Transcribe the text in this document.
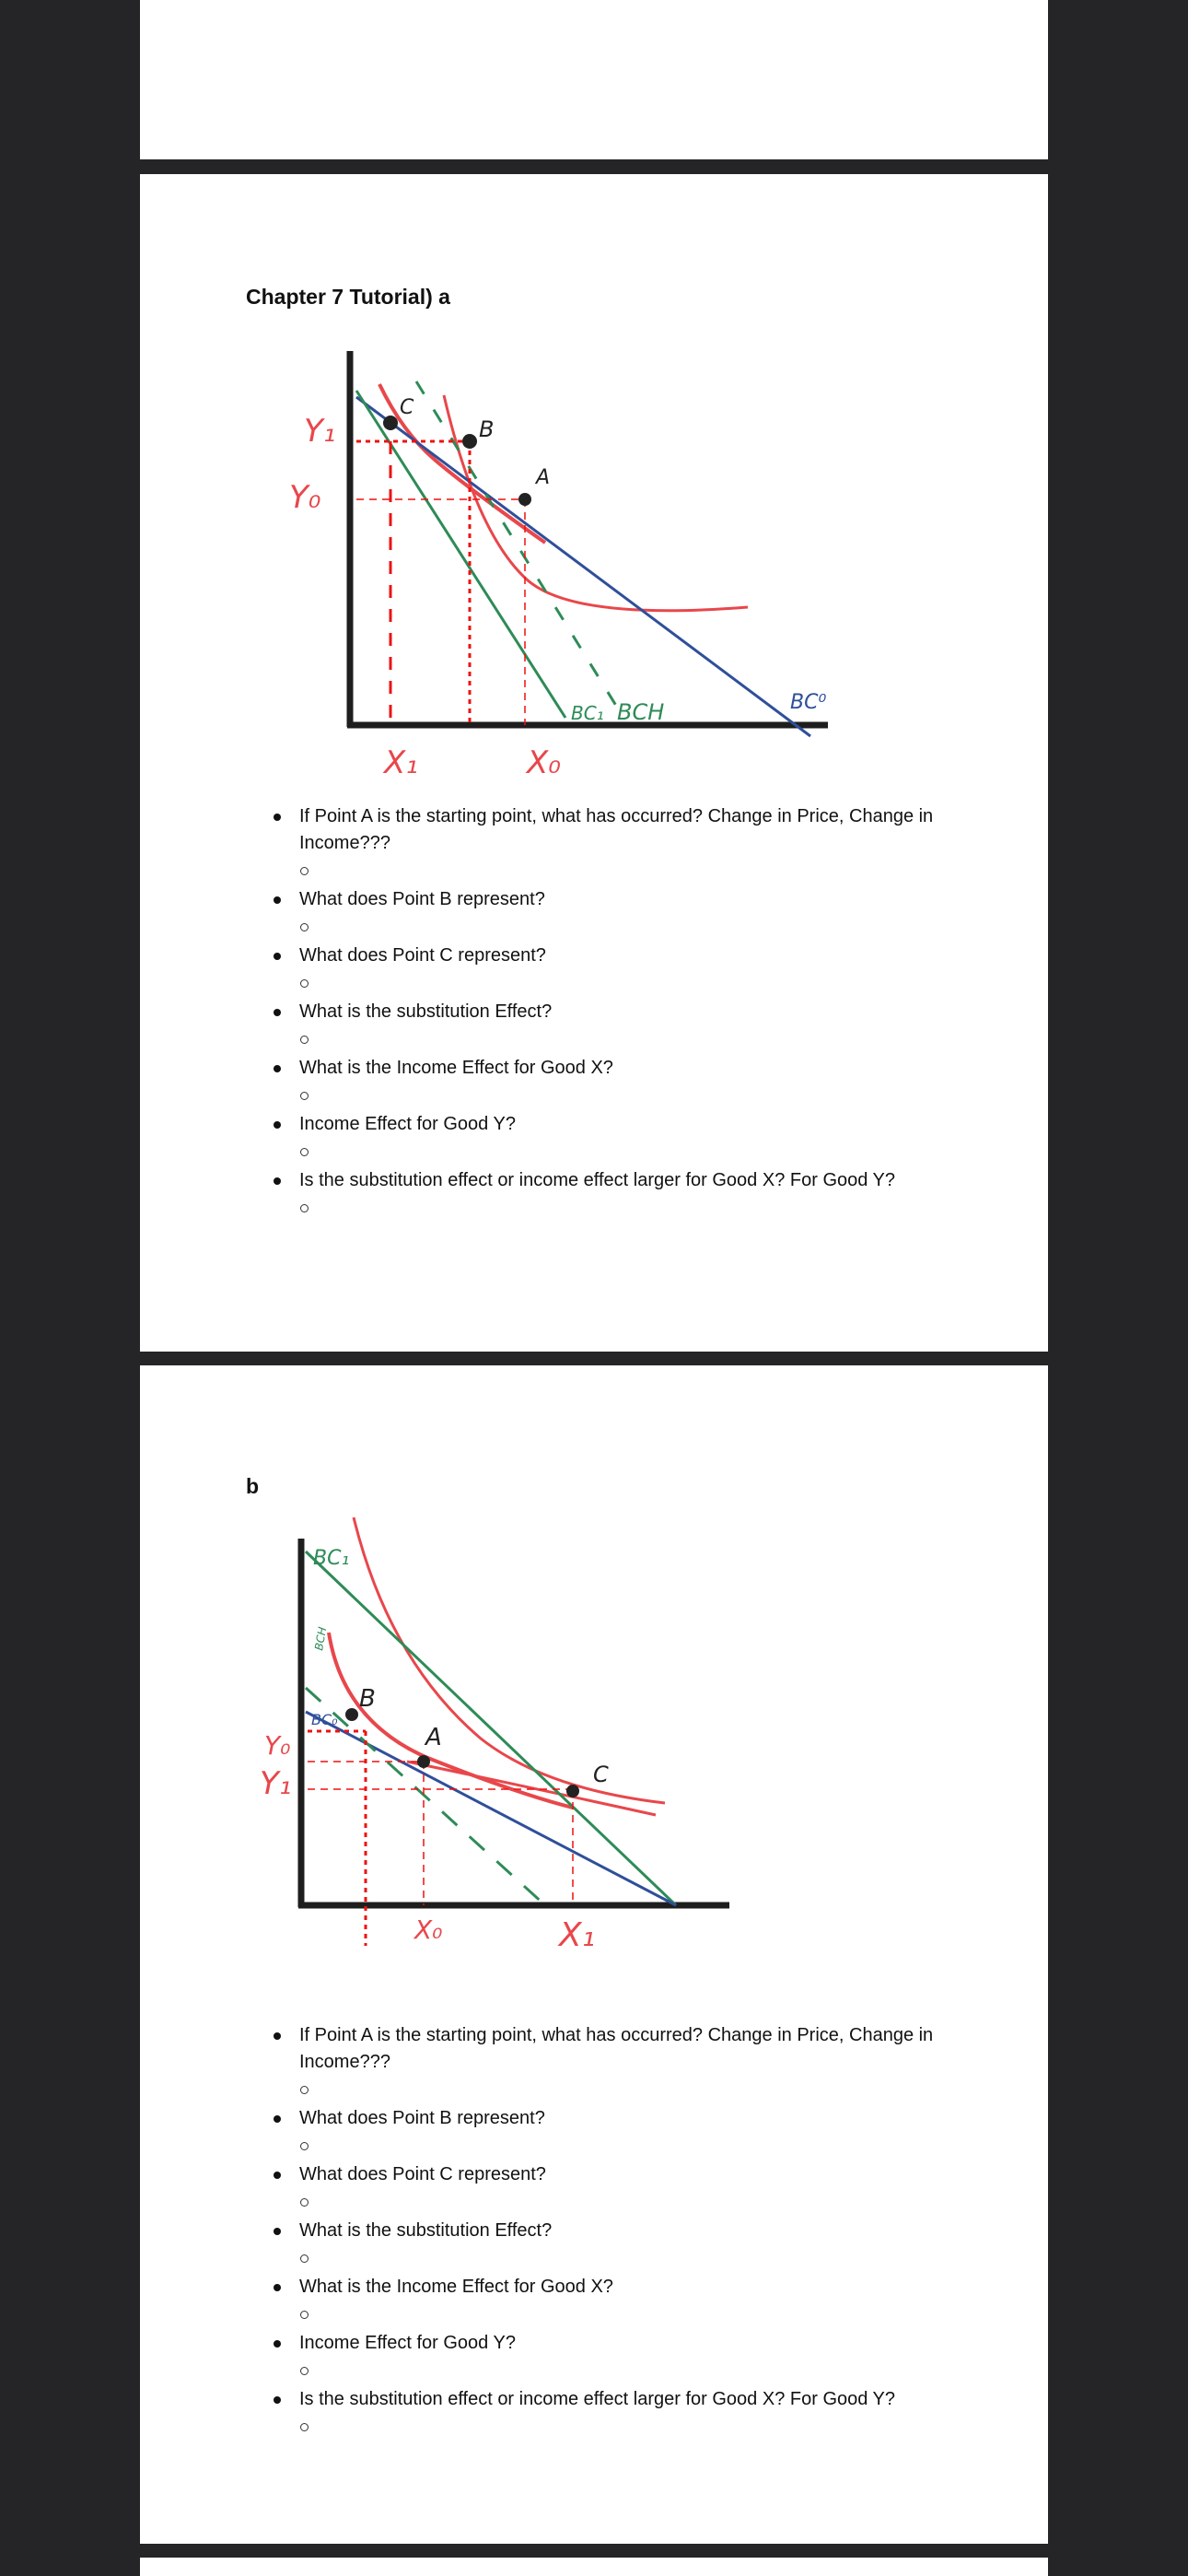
Chapter 7 Tutorial) a
Y₁
Y₀
X₁	X₀
C
B
A
BC₁ BCH	BC⁰
If Point A is the starting point, what has occurred? Change in Price, Change in Income???
What does Point B represent?
What does Point C represent?
What is the substitution Effect?
What is the Income Effect for Good X?
Income Effect for Good Y?
Is the substitution effect or income effect larger for Good X? For Good Y?
b
BC₁
BCH
BC₀
B
A
C
Y₀
Y₁
X₀	X₁
If Point A is the starting point, what has occurred? Change in Price, Change in Income???
What does Point B represent?
What does Point C represent?
What is the substitution Effect?
What is the Income Effect for Good X?
Income Effect for Good Y?
Is the substitution effect or income effect larger for Good X? For Good Y?
